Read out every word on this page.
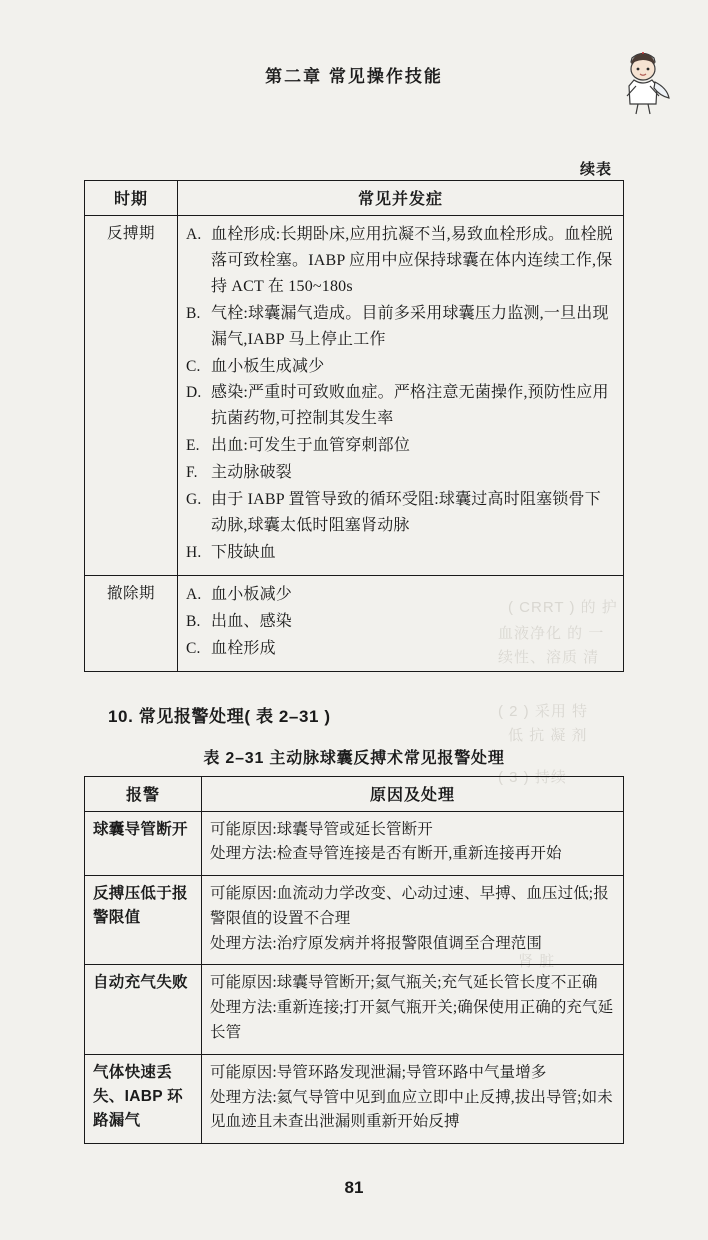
( CRRT ) 的 护
血液净化 的 一
续性、溶质 清
( 2 ) 采用 特
低 抗 凝 剂
( 3 ) 持续
肾 脏
第二章 常见操作技能
续表
时期	常见并发症
反搏期	A. 血栓形成:长期卧床,应用抗凝不当,易致血栓形成。血栓脱落可致栓塞。IABP 应用中应保持球囊在体内连续工作,保持 ACT 在 150~180s
B. 气栓:球囊漏气造成。目前多采用球囊压力监测,一旦出现漏气,IABP 马上停止工作
C. 血小板生成减少
D. 感染:严重时可致败血症。严格注意无菌操作,预防性应用抗菌药物,可控制其发生率
E. 出血:可发生于血管穿刺部位
F. 主动脉破裂
G. 由于 IABP 置管导致的循环受阻:球囊过高时阻塞锁骨下动脉,球囊太低时阻塞肾动脉
H. 下肢缺血

撤除期	A. 血小板减少
B. 出血、感染
C. 血栓形成
10. 常见报警处理( 表 2–31 )
表 2–31 主动脉球囊反搏术常见报警处理
报警	原因及处理
球囊导管断开	可能原因:球囊导管或延长管断开
处理方法:检查导管连接是否有断开,重新连接再开始

反搏压低于报警限值	可能原因:血流动力学改变、心动过速、早搏、血压过低;报警限值的设置不合理
处理方法:治疗原发病并将报警限值调至合理范围

自动充气失败	可能原因:球囊导管断开;氦气瓶关;充气延长管长度不正确
处理方法:重新连接;打开氦气瓶开关;确保使用正确的充气延长管

气体快速丢失、IABP 环路漏气	可能原因:导管环路发现泄漏;导管环路中气量增多
处理方法:氦气导管中见到血应立即中止反搏,拔出导管;如未见血迹且未查出泄漏则重新开始反搏
81
